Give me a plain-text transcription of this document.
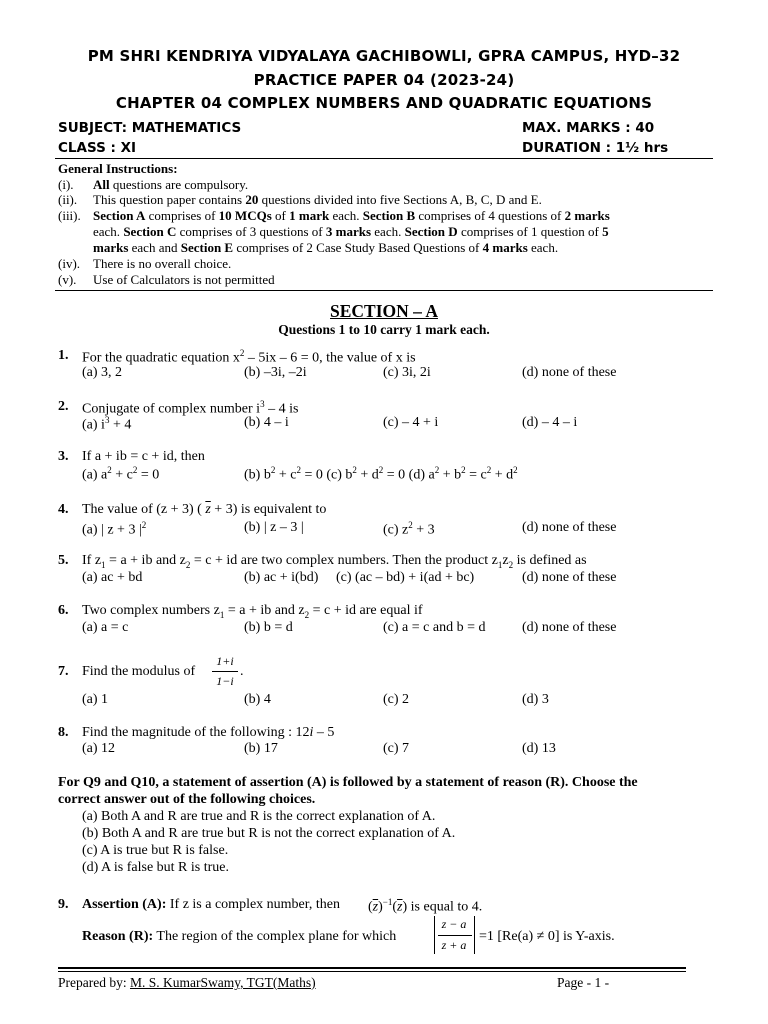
PM SHRI KENDRIYA VIDYALAYA GACHIBOWLI, GPRA CAMPUS, HYD–32
PRACTICE PAPER 04 (2023-24)
CHAPTER 04 COMPLEX NUMBERS AND QUADRATIC EQUATIONS
SUBJECT: MATHEMATICS	MAX. MARKS : 40
CLASS : XI	DURATION : 1½ hrs
General Instructions:
(i). All questions are compulsory.
(ii). This question paper contains 20 questions divided into five Sections A, B, C, D and E.
(iii). Section A comprises of 10 MCQs of 1 mark each. Section B comprises of 4 questions of 2 marks
each. Section C comprises of 3 questions of 3 marks each. Section D comprises of 1 question of 5
marks each and Section E comprises of 2 Case Study Based Questions of 4 marks each.
(iv). There is no overall choice.
(v). Use of Calculators is not permitted
SECTION – A
Questions 1 to 10 carry 1 mark each.
1. For the quadratic equation $x^2 - 5ix - 6 = 0$, the value of x is
(a) 3, 2	(b) –3i, –2i	(c) 3i, 2i	(d) none of these
2. Conjugate of complex number $i^3 - 4$ is
(a) $i^3 + 4$	(b) 4 – i	(c) – 4 + i	(d) – 4 – i
3. If a + ib = c + id, then
(a) $a^2 + c^2 = 0$	(b) $b^2 + c^2 = 0$ (c) $b^2 + d^2 = 0$ (d) $a^2 + b^2 = c^2 + d^2$
4. The value of (z + 3) ( $\overline{z} + 3$) is equivalent to
(a) | z + 3 $|^2$	(b) | z – 3 |	(c) $z^2 + 3$	(d) none of these
5. If $z_1 = a$ + ib and $z_2 = c$ + id are two complex numbers. Then the product $z_1z_2$ is defined as
(a) ac + bd	(b) ac + i(bd) (c) (ac – bd) + i(ad + bc)	(d) none of these
6. Two complex numbers $z_1 = a$ + ib and $z_2 = c$ + id are equal if
(a) a = c	(b) b = d	(c) a = c and b = d	(d) none of these
7. Find the modulus of
1+i
1−i
.
(a) 1	(b) 4	(c) 2	(d) 3
8. Find the magnitude of the following : 12i – 5
(a) 12	(b) 17	(c) 7	(d) 13
For Q9 and Q10, a statement of assertion (A) is followed by a statement of reason (R). Choose the
correct answer out of the following choices.
(a) Both A and R are true and R is the correct explanation of A.
(b) Both A and R are true but R is not the correct explanation of A.
(c) A is true but R is false.
(d) A is false but R is true.
9. Assertion (A): If z is a complex number, then $(\overline{z})^{-1}(\overline{z})$ is equal to 4.
Reason (R): The region of the complex plane for which
z − a
z + a
=1 [Re(a) ≠ 0] is Y-axis.
Prepared by: M. S. KumarSwamy, TGT(Maths)	Page - 1 -
